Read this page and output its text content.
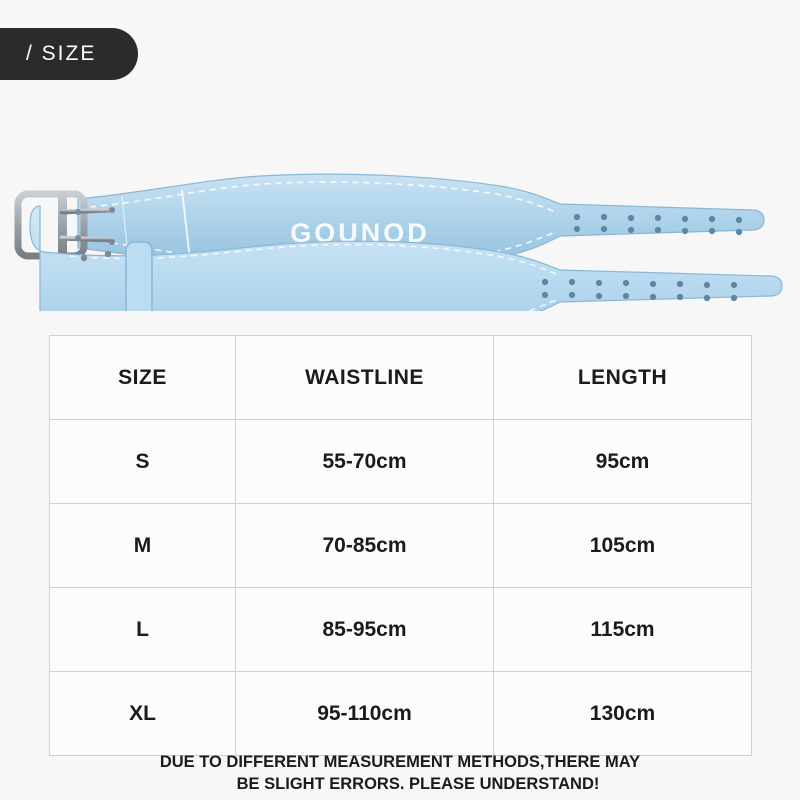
/ SIZE
GOUNOD
SIZE	WAISTLINE	LENGTH
S	55-70cm	95cm
M	70-85cm	105cm
L	85-95cm	115cm
XL	95-110cm	130cm
DUE TO DIFFERENT MEASUREMENT METHODS,THERE MAY
BE SLIGHT ERRORS. PLEASE UNDERSTAND!
